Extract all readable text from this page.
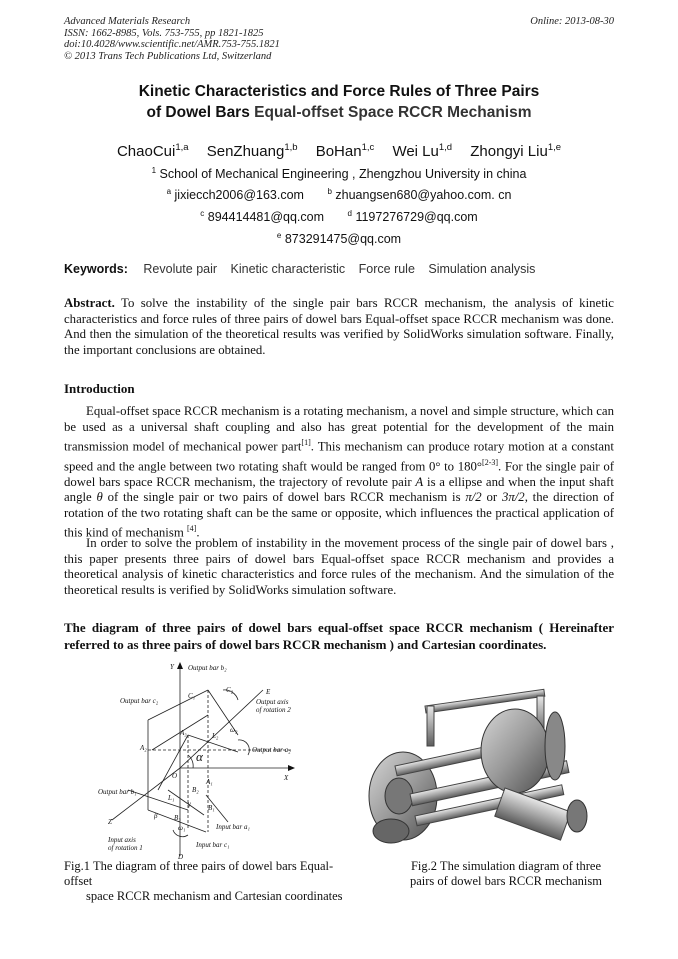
Advanced Materials Research
ISSN: 1662-8985, Vols. 753-755, pp 1821-1825
doi:10.4028/www.scientific.net/AMR.753-755.1821
© 2013 Trans Tech Publications Ltd, Switzerland
Online: 2013-08-30
Kinetic Characteristics and Force Rules of Three Pairs
of Dowel Bars Equal-offset Space RCCR Mechanism
ChaoCui$^{1,a}$ SenZhuang$^{1,b}$ BoHan$^{1,c}$ Wei Lu$^{1,d}$ Zhongyi Liu$^{1,e}$
$^1$ School of Mechanical Engineering , Zhengzhou University in china
$^a$ jixiecch2006@163.com	$^b$ zhuangsen680@yahoo.com. cn
$^c$ 894414481@qq.com	$^d$ 1197276729@qq.com
$^e$ 873291475@qq.com
Keywords: Revolute pair Kinetic characteristic Force rule Simulation analysis
Abstract. To solve the instability of the single pair bars RCCR mechanism, the analysis of kinetic characteristics and force rules of three pairs of dowel bars Equal-offset space RCCR mechanism was done. And then the simulation of the theoretical results was verified by SolidWorks simulation software. Finally, the important conclusions are obtained.
Introduction
Equal-offset space RCCR mechanism is a rotating mechanism, a novel and simple structure, which can be used as a universal shaft coupling and also has great potential for the development of the main transmission model of mechanical power part[1]. This mechanism can produce rotary motion at a constant speed and the angle between two rotating shaft would be ranged from 0° to 180°[2-3]. For the single pair of dowel bars space RCCR mechanism, the trajectory of revolute pair A is a ellipse and when the input shaft angle θ of the single pair or two pairs of dowel bars RCCR mechanism is π/2 or 3π/2, the direction of rotation of the two rotating shaft can be the same or opposite, which influences the practical application of this kind of mechanism [4].
In order to solve the problem of instability in the movement process of the single pair of dowel bars , this paper presents three pairs of dowel bars Equal-offset space RCCR mechanism and provides a theoretical analysis of kinetic characteristics and force rules of the mechanism. And the simulation of the theoretical results is verified by SolidWorks simulation software.
The diagram of three pairs of dowel bars equal-offset space RCCR mechanism ( Hereinafter referred to as three pairs of dowel bars RCCR mechanism ) and Cartesian coordinates.
Y
X
Z
O
E
α
Output bar b₂
Output bar c₂	Output axis
of rotation 2
Output bar a₂
Output bar b₁
Input bar a₁
Input bar c₁
Input axis
of rotation 1
C₁
C₂
A₂
A₃
A₁
B₂
B₁
B₃
L₁
L₂
β
γ
ω₁
ω₂
D
Fig.1 The diagram of three pairs of dowel bars Equal-offset
space RCCR mechanism and Cartesian coordinates
Fig.2 The simulation diagram of three
pairs of dowel bars RCCR mechanism
